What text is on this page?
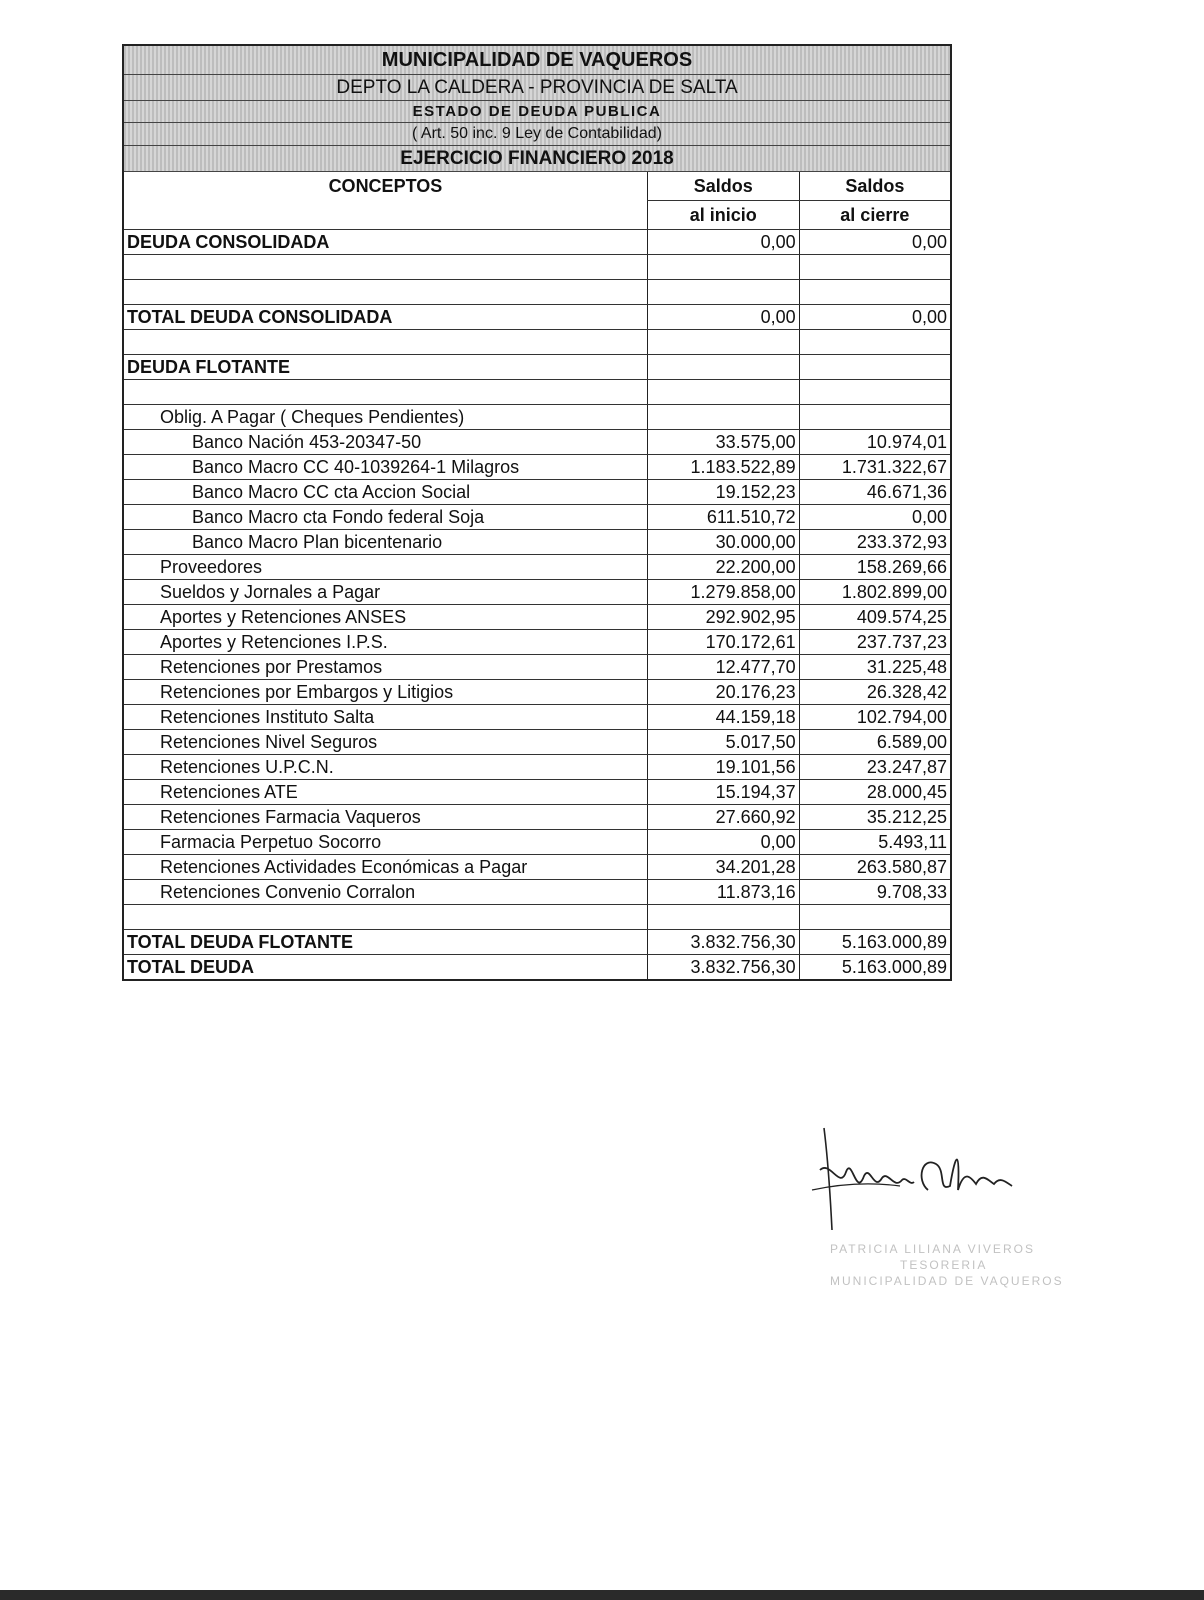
MUNICIPALIDAD DE VAQUEROS
DEPTO LA CALDERA - PROVINCIA DE SALTA
ESTADO DE DEUDA PUBLICA
( Art. 50 inc. 9 Ley de Contabilidad)
EJERCICIO FINANCIERO 2018
CONCEPTOS	Saldos	Saldos
	al inicio	al cierre
DEUDA CONSOLIDADA	0,00	0,00

TOTAL DEUDA CONSOLIDADA	0,00	0,00

DEUDA FLOTANTE		

Oblig. A Pagar ( Cheques Pendientes)		
Banco Nación 453-20347-50	33.575,00	10.974,01
Banco Macro CC 40-1039264-1 Milagros	1.183.522,89	1.731.322,67
Banco Macro CC cta Accion Social	19.152,23	46.671,36
Banco Macro cta Fondo federal Soja	611.510,72	0,00
Banco Macro Plan bicentenario	30.000,00	233.372,93
Proveedores	22.200,00	158.269,66
Sueldos y Jornales a Pagar	1.279.858,00	1.802.899,00
Aportes y Retenciones ANSES	292.902,95	409.574,25
Aportes y Retenciones I.P.S.	170.172,61	237.737,23
Retenciones por Prestamos	12.477,70	31.225,48
Retenciones por Embargos y Litigios	20.176,23	26.328,42
Retenciones Instituto Salta	44.159,18	102.794,00
Retenciones Nivel Seguros	5.017,50	6.589,00
Retenciones U.P.C.N.	19.101,56	23.247,87
Retenciones ATE	15.194,37	28.000,45
Retenciones Farmacia Vaqueros	27.660,92	35.212,25
Farmacia Perpetuo Socorro	0,00	5.493,11
Retenciones Actividades Económicas a Pagar	34.201,28	263.580,87
Retenciones Convenio Corralon	11.873,16	9.708,33

TOTAL DEUDA FLOTANTE	3.832.756,30	5.163.000,89
TOTAL DEUDA	3.832.756,30	5.163.000,89
PATRICIA LILIANA VIVEROS
TESORERIA
MUNICIPALIDAD DE VAQUEROS
